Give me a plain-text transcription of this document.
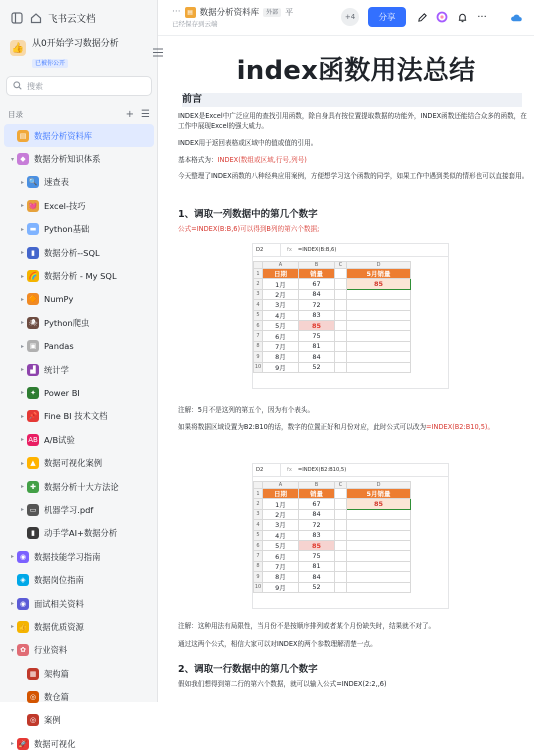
飞书云文档
👍 从0开始学习数据分析
已被你公开
搜索
目录	+ ☰
▤ 数据分析资料库
▾ ◆	数据分析知识体系
▸ 🔍 速查表
▸ 💓 Excel-技巧
▸ ▬ Python基础
▸	▮	数据分析--SQL
▸ 🌈 数据分析 - My SQL
▸ 🔶 NumPy
▸ 🕷 Python爬虫
▸ ▣ Pandas
▸ ▟	统计学
▸ ✦ Power BI
▸ 📌 Fine BI 技术文档
▸ AB A/B试验
▸ ▲	数据可视化案例
▸ ✚ 数据分析十大方法论
▸ ▭ 机器学习.pdf
▮	动手学AI+数据分析
▸ ◉ 数据技能学习指南
◈	数据岗位指南
▸ ◉ 面试相关资料
▸ 👍 数据优质资源
▾ ✿ 行业资料
▦ 架构篇
◎ 数仓篇
◎ 案例
▸ 🚀 数据可视化
···	▤ 数据分析资料库	外部 平
已经保存到云端
+4	分享	···
index函数用法总结
前言
INDEX是Excel中广泛应用的查找引用函数，除自身具有按位置提取数据的功能外，INDEX函数还能结合众多的函数，在工作中展现Excel的强大威力。
INDEX用于返回表格或区域中的值或值的引用。
基本格式为：INDEX(数组或区域,行号,列号)
今天整理了INDEX函数的八种经典应用案例，方便想学习这个函数的同学，如果工作中遇到类似的情形也可以直接套用。
1、调取一列数据中的第几个数字
公式=INDEX(B:B,6)可以得到B列的第六个数据;
D2	fx =INDEX(B:B,6)
	A	B	C	D
1	日期	销量		5月销量
2	1月	67		85
3	2月	84		
4	3月	72		
5	4月	83		
6	5月	85		
7	6月	75		
8	7月	81		
9	8月	84		
10	9月	52		
注解：5月不是这列的第五个，因为有个表头。
如果将数据区域设置为B2:B10的话，数字的位置正好和月份对应，此时公式可以改为=INDEX(B2:B10,5)。
D2	fx =INDEX(B2:B10,5)
	A	B	C	D
1	日期	销量		5月销量
2	1月	67		85
3	2月	84		
4	3月	72		
5	4月	83		
6	5月	85		
7	6月	75		
8	7月	81		
9	8月	84		
10	9月	52		
注解：这种用法有局限性，当月份不是按顺序排列或者某个月份缺失时，结果就不对了。
通过这两个公式，相信大家可以对INDEX的两个参数理解清楚一点。
2、调取一行数据中的第几个数字
假如我们想得到第二行的第六个数据，就可以输入公式=INDEX(2:2,,6)
